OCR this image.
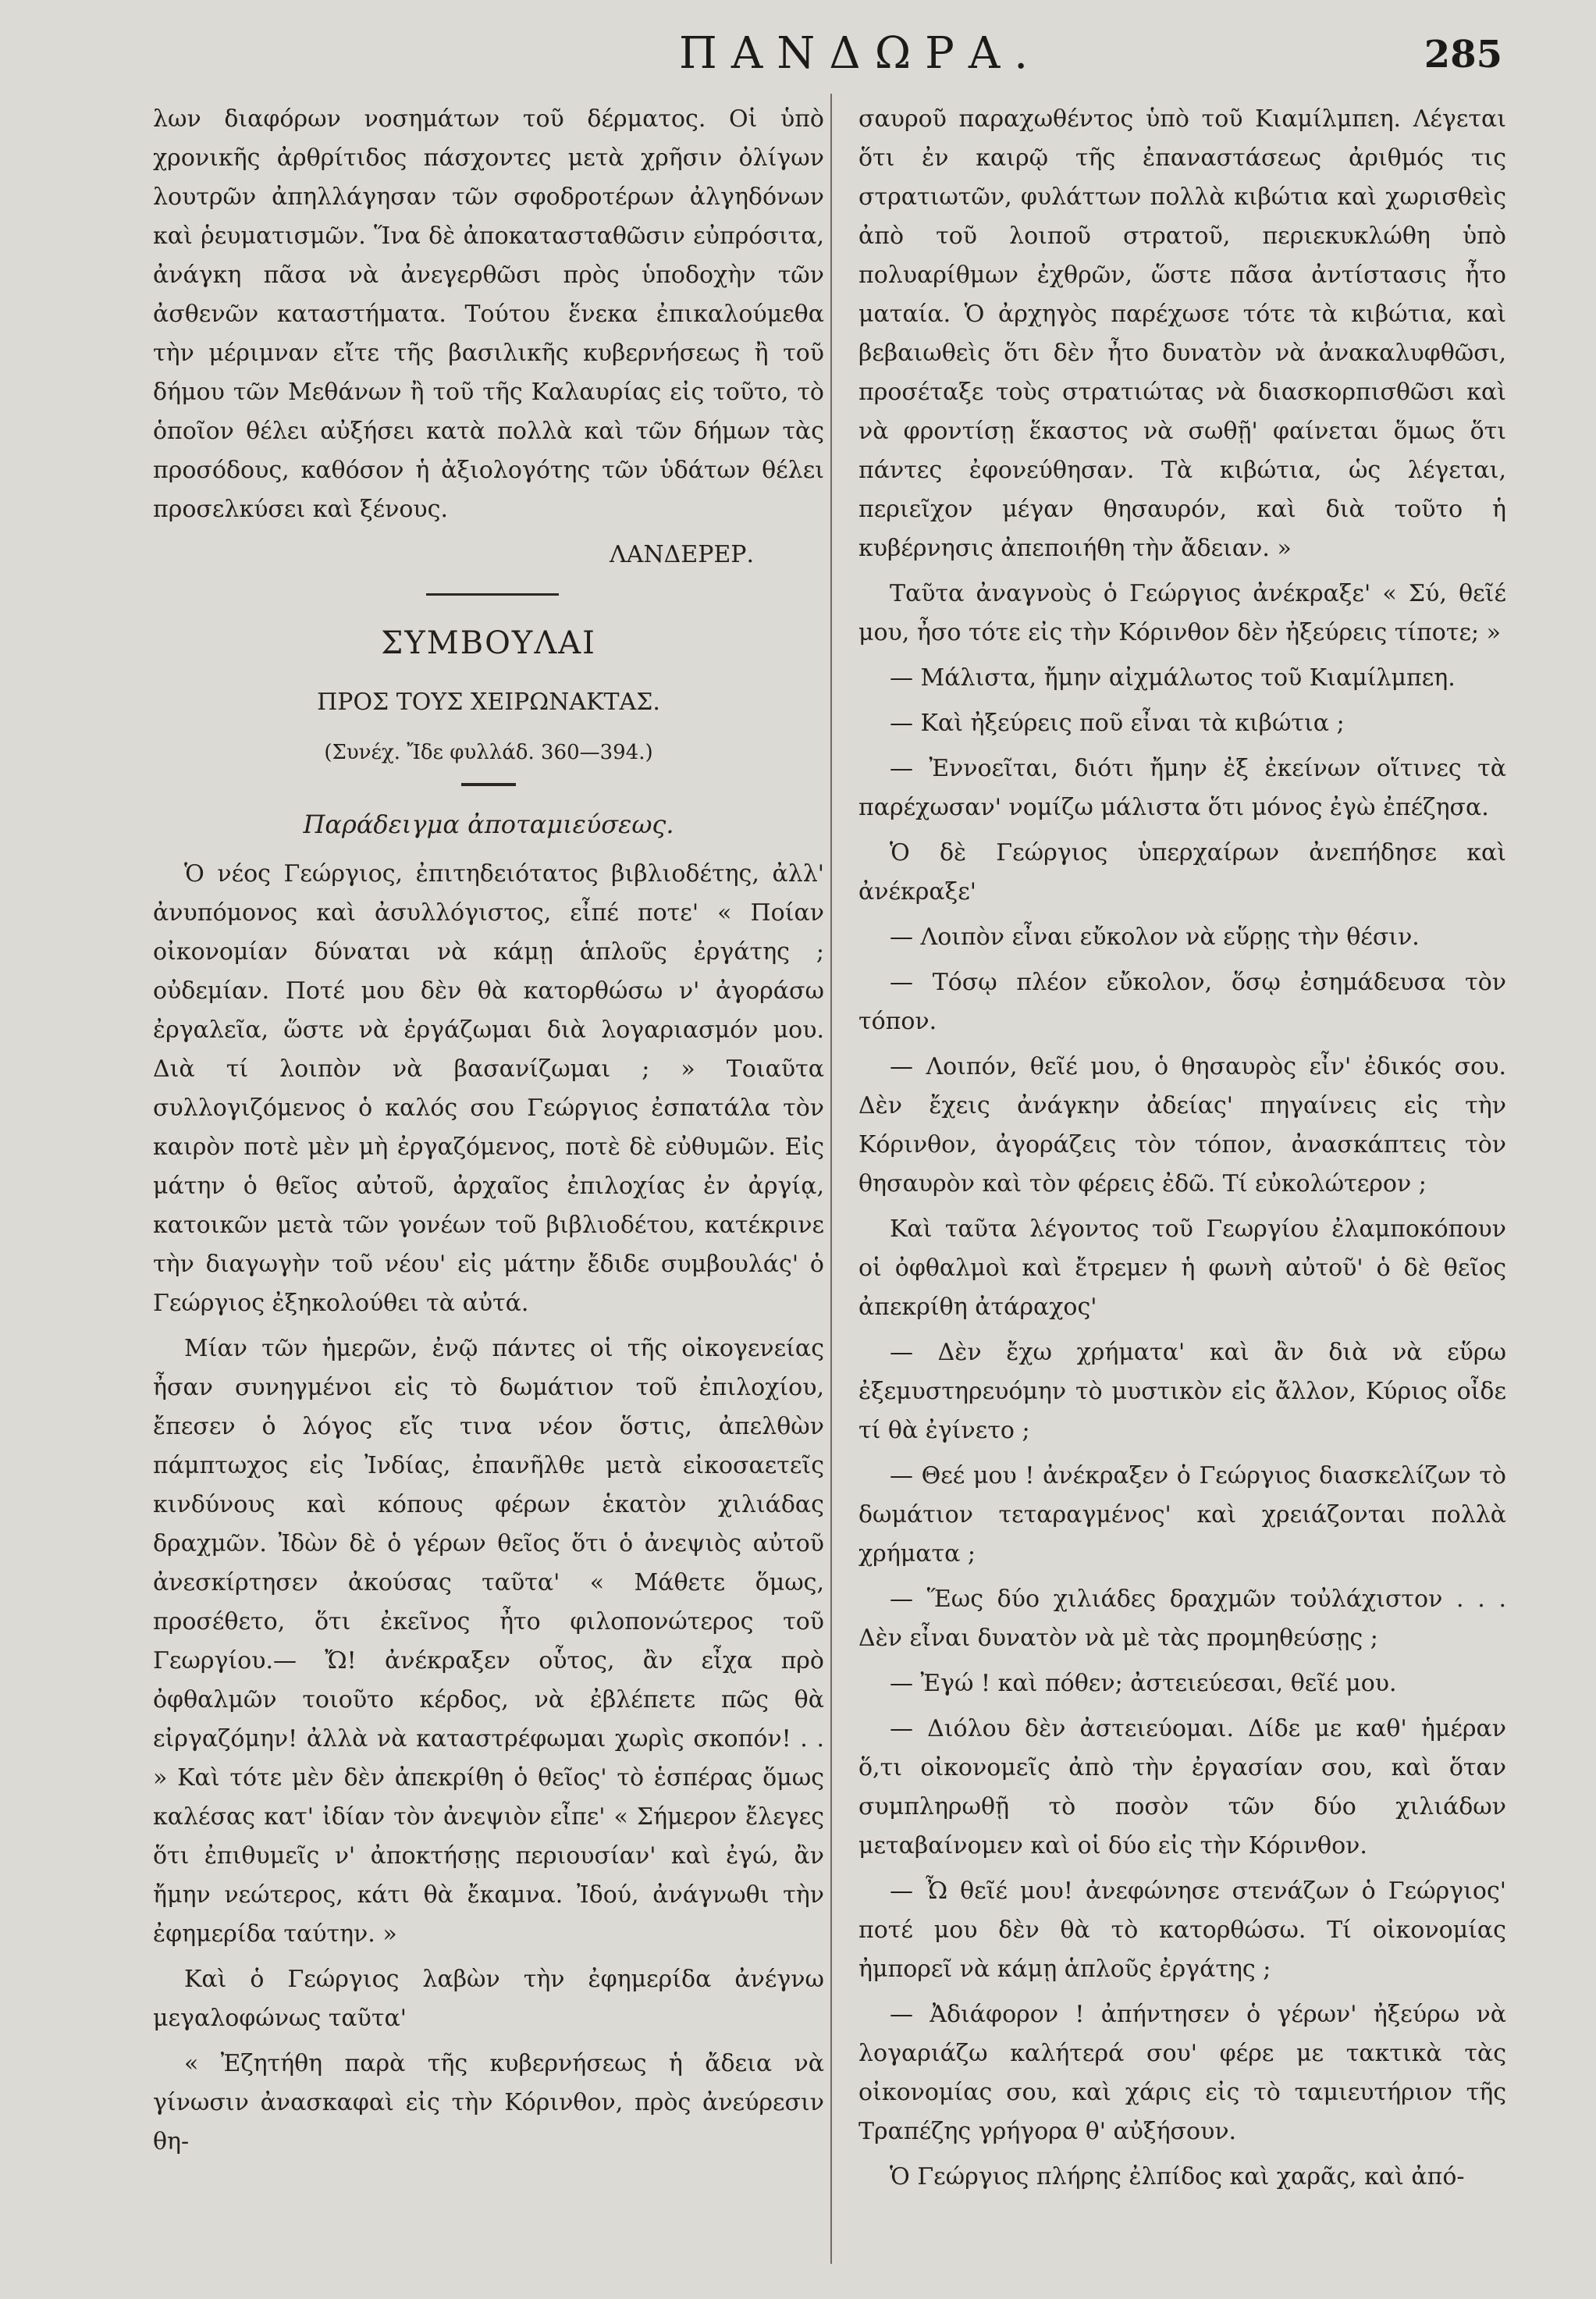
ΠΑΝΔΩΡΑ.	285

λων διαφόρων νοσημάτων τοῦ δέρματος. Οἱ ὑπὸ χρονικῆς ἀρθρίτιδος πάσχοντες μετὰ χρῆσιν ὀλίγων λουτρῶν ἀπηλλάγησαν τῶν σφοδροτέρων ἀλγηδόνων καὶ ῥευματισμῶν. Ἵνα δὲ ἀποκατασταθῶσιν εὐπρόσιτα, ἀνάγκη πᾶσα νὰ ἀνεγερθῶσι πρὸς ὑποδοχὴν τῶν ἀσθενῶν καταστήματα. Τούτου ἕνεκα ἐπικαλούμεθα τὴν μέριμναν εἴτε τῆς βασιλικῆς κυβερνήσεως ἢ τοῦ δήμου τῶν Μεθάνων ἢ τοῦ τῆς Καλαυρίας εἰς τοῦτο, τὸ ὁποῖον θέλει αὐξήσει κατὰ πολλὰ καὶ τῶν δήμων τὰς προσόδους, καθόσον ἡ ἀξιολογότης τῶν ὑδάτων θέλει προσελκύσει καὶ ξένους.

ΛΑΝΔΕΡΕΡ.
ΣΥΜΒΟΥΛΑΙ
ΠΡΟΣ ΤΟΥΣ ΧΕΙΡΩΝΑΚΤΑΣ.
(Συνέχ. Ἴδε φυλλάδ. 360—394.)
Παράδειγμα ἀποταμιεύσεως.

Ὁ νέος Γεώργιος, ἐπιτηδειότατος βιβλιοδέτης, ἀλλ' ἀνυπόμονος καὶ ἀσυλλόγιστος, εἶπέ ποτε' « Ποίαν οἰκονομίαν δύναται νὰ κάμῃ ἁπλοῦς ἐργάτης ; οὐδεμίαν. Ποτέ μου δὲν θὰ κατορθώσω ν' ἀγοράσω ἐργαλεῖα, ὥστε νὰ ἐργάζωμαι διὰ λογαριασμόν μου. Διὰ τί λοιπὸν νὰ βασανίζωμαι ; » Τοιαῦτα συλλογιζόμενος ὁ καλός σου Γεώργιος ἐσπατάλα τὸν καιρὸν ποτὲ μὲν μὴ ἐργαζόμενος, ποτὲ δὲ εὐθυμῶν. Εἰς μάτην ὁ θεῖος αὐτοῦ, ἀρχαῖος ἐπιλοχίας ἐν ἀργίᾳ, κατοικῶν μετὰ τῶν γονέων τοῦ βιβλιοδέτου, κατέκρινε τὴν διαγωγὴν τοῦ νέου' εἰς μάτην ἔδιδε συμβουλάς' ὁ Γεώργιος ἐξηκολούθει τὰ αὐτά.

Μίαν τῶν ἡμερῶν, ἐνῷ πάντες οἱ τῆς οἰκογενείας ἦσαν συνηγμένοι εἰς τὸ δωμάτιον τοῦ ἐπιλοχίου, ἔπεσεν ὁ λόγος εἴς τινα νέον ὅστις, ἀπελθὼν πάμπτωχος εἰς Ἰνδίας, ἐπανῆλθε μετὰ εἰκοσαετεῖς κινδύνους καὶ κόπους φέρων ἑκατὸν χιλιάδας δραχμῶν. Ἰδὼν δὲ ὁ γέρων θεῖος ὅτι ὁ ἀνεψιὸς αὐτοῦ ἀνεσκίρτησεν ἀκούσας ταῦτα' « Μάθετε ὅμως, προσέθετο, ὅτι ἐκεῖνος ἦτο φιλοπονώτερος τοῦ Γεωργίου.— Ὤ! ἀνέκραξεν οὗτος, ἂν εἶχα πρὸ ὀφθαλμῶν τοιοῦτο κέρδος, νὰ ἐβλέπετε πῶς θὰ εἰργαζόμην! ἀλλὰ νὰ καταστρέφωμαι χωρὶς σκοπόν! . . » Καὶ τότε μὲν δὲν ἀπεκρίθη ὁ θεῖος' τὸ ἑσπέρας ὅμως καλέσας κατ' ἰδίαν τὸν ἀνεψιὸν εἶπε' « Σήμερον ἔλεγες ὅτι ἐπιθυμεῖς ν' ἀποκτήσῃς περιουσίαν' καὶ ἐγώ, ἂν ἤμην νεώτερος, κάτι θὰ ἔκαμνα. Ἰδού, ἀνάγνωθι τὴν ἐφημερίδα ταύτην. »

Καὶ ὁ Γεώργιος λαβὼν τὴν ἐφημερίδα ἀνέγνω μεγαλοφώνως ταῦτα'

« Ἐζητήθη παρὰ τῆς κυβερνήσεως ἡ ἄδεια νὰ γίνωσιν ἀνασκαφαὶ εἰς τὴν Κόρινθον, πρὸς ἀνεύρεσιν θη-

σαυροῦ παραχωθέντος ὑπὸ τοῦ Κιαμίλμπεη. Λέγεται ὅτι ἐν καιρῷ τῆς ἐπαναστάσεως ἀριθμός τις στρατιωτῶν, φυλάττων πολλὰ κιβώτια καὶ χωρισθεὶς ἀπὸ τοῦ λοιποῦ στρατοῦ, περιεκυκλώθη ὑπὸ πολυαρίθμων ἐχθρῶν, ὥστε πᾶσα ἀντίστασις ἦτο ματαία. Ὁ ἀρχηγὸς παρέχωσε τότε τὰ κιβώτια, καὶ βεβαιωθεὶς ὅτι δὲν ἦτο δυνατὸν νὰ ἀνακαλυφθῶσι, προσέταξε τοὺς στρατιώτας νὰ διασκορπισθῶσι καὶ νὰ φροντίσῃ ἕκαστος νὰ σωθῇ' φαίνεται ὅμως ὅτι πάντες ἐφονεύθησαν. Τὰ κιβώτια, ὡς λέγεται, περιεῖχον μέγαν θησαυρόν, καὶ διὰ τοῦτο ἡ κυβέρνησις ἀπεποιήθη τὴν ἄδειαν. »

Ταῦτα ἀναγνοὺς ὁ Γεώργιος ἀνέκραξε' « Σύ, θεῖέ μου, ἦσο τότε εἰς τὴν Κόρινθον δὲν ἠξεύρεις τίποτε; »

— Μάλιστα, ἤμην αἰχμάλωτος τοῦ Κιαμίλμπεη.

— Καὶ ἠξεύρεις ποῦ εἶναι τὰ κιβώτια ;

— Ἐννοεῖται, διότι ἤμην ἐξ ἐκείνων οἵτινες τὰ παρέχωσαν' νομίζω μάλιστα ὅτι μόνος ἐγὼ ἐπέζησα.

Ὁ δὲ Γεώργιος ὑπερχαίρων ἀνεπήδησε καὶ ἀνέκραξε'

— Λοιπὸν εἶναι εὔκολον νὰ εὕρῃς τὴν θέσιν.

— Τόσῳ πλέον εὔκολον, ὅσῳ ἐσημάδευσα τὸν τόπον.

— Λοιπόν, θεῖέ μου, ὁ θησαυρὸς εἶν' ἐδικός σου. Δὲν ἔχεις ἀνάγκην ἀδείας' πηγαίνεις εἰς τὴν Κόρινθον, ἀγοράζεις τὸν τόπον, ἀνασκάπτεις τὸν θησαυρὸν καὶ τὸν φέρεις ἐδῶ. Τί εὐκολώτερον ;

Καὶ ταῦτα λέγοντος τοῦ Γεωργίου ἐλαμποκόπουν οἱ ὀφθαλμοὶ καὶ ἔτρεμεν ἡ φωνὴ αὐτοῦ' ὁ δὲ θεῖος ἀπεκρίθη ἀτάραχος'

— Δὲν ἔχω χρήματα' καὶ ἂν διὰ νὰ εὕρω ἐξεμυστηρευόμην τὸ μυστικὸν εἰς ἄλλον, Κύριος οἶδε τί θὰ ἐγίνετο ;

— Θεέ μου ! ἀνέκραξεν ὁ Γεώργιος διασκελίζων τὸ δωμάτιον τεταραγμένος' καὶ χρειάζονται πολλὰ χρήματα ;

— Ἕως δύο χιλιάδες δραχμῶν τοὐλάχιστον . . . Δὲν εἶναι δυνατὸν νὰ μὲ τὰς προμηθεύσῃς ;

— Ἐγώ ! καὶ πόθεν; ἀστειεύεσαι, θεῖέ μου.

— Διόλου δὲν ἀστειεύομαι. Δίδε με καθ' ἡμέραν ὅ,τι οἰκονομεῖς ἀπὸ τὴν ἐργασίαν σου, καὶ ὅταν συμπληρωθῇ τὸ ποσὸν τῶν δύο χιλιάδων μεταβαίνομεν καὶ οἱ δύο εἰς τὴν Κόρινθον.

— Ὦ θεῖέ μου! ἀνεφώνησε στενάζων ὁ Γεώργιος' ποτέ μου δὲν θὰ τὸ κατορθώσω. Τί οἰκονομίας ἠμπορεῖ νὰ κάμῃ ἁπλοῦς ἐργάτης ;

— Ἀδιάφορον ! ἀπήντησεν ὁ γέρων' ἠξεύρω νὰ λογαριάζω καλήτερά σου' φέρε με τακτικὰ τὰς οἰκονομίας σου, καὶ χάρις εἰς τὸ ταμιευτήριον τῆς Τραπέζης γρήγορα θ' αὐξήσουν.

Ὁ Γεώργιος πλήρης ἐλπίδος καὶ χαρᾶς, καὶ ἀπό-
